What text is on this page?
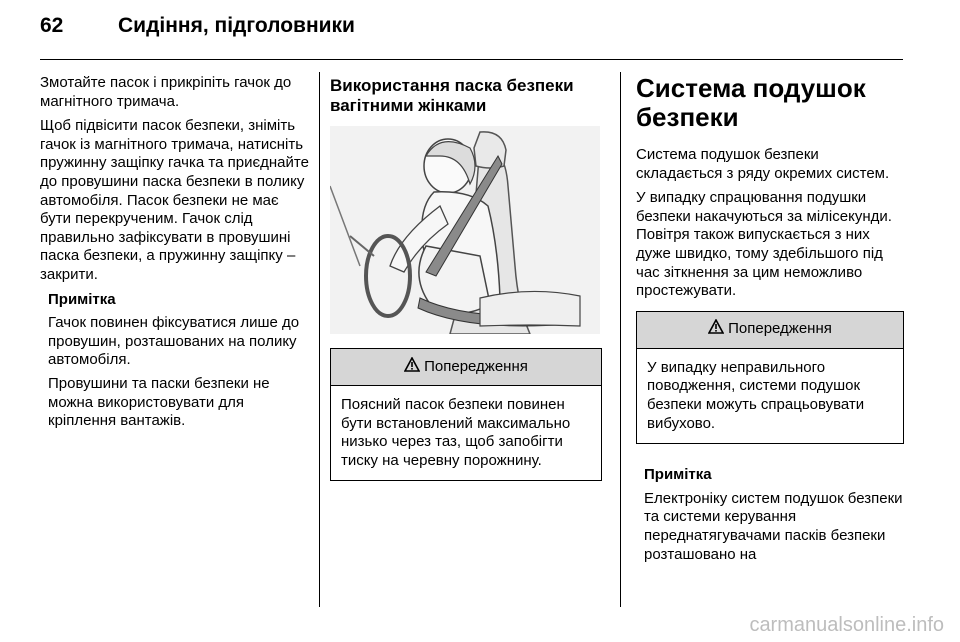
62	Сидіння, підголовники

Змотайте пасок і прикріпіть гачок до магнітного тримача.

Щоб підвісити пасок безпеки, зніміть гачок із магнітного тримача, натисніть пружинну защіпку гачка та приєднайте до провушини паска безпеки в полику автомобіля. Пасок безпеки не має бути перекрученим. Гачок слід правильно зафіксувати в провушині паска безпеки, а пружинну защіпку – закрити.

Примітка

Гачок повинен фіксуватися лише до провушин, розташованих на полику автомобіля.

Провушини та паски безпеки не можна використовувати для кріплення вантажів.

Використання паска безпеки вагітними жінками
Попередження

Поясний пасок безпеки повинен бути встановлений максимально низько через таз, щоб запобігти тиску на черевну порожнину.

Система подушок безпеки

Система подушок безпеки складається з ряду окремих систем.

У випадку спрацювання подушки безпеки накачуються за мілісекунди. Повітря також випускається з них дуже швидко, тому здебільшого під час зіткнення за цим неможливо простежувати.

Попередження

У випадку неправильного поводження, системи подушок безпеки можуть спрацьовувати вибухово.

Примітка

Електроніку систем подушок безпеки та системи керування переднатягувачами пасків безпеки розташовано на

carmanualsonline.info
